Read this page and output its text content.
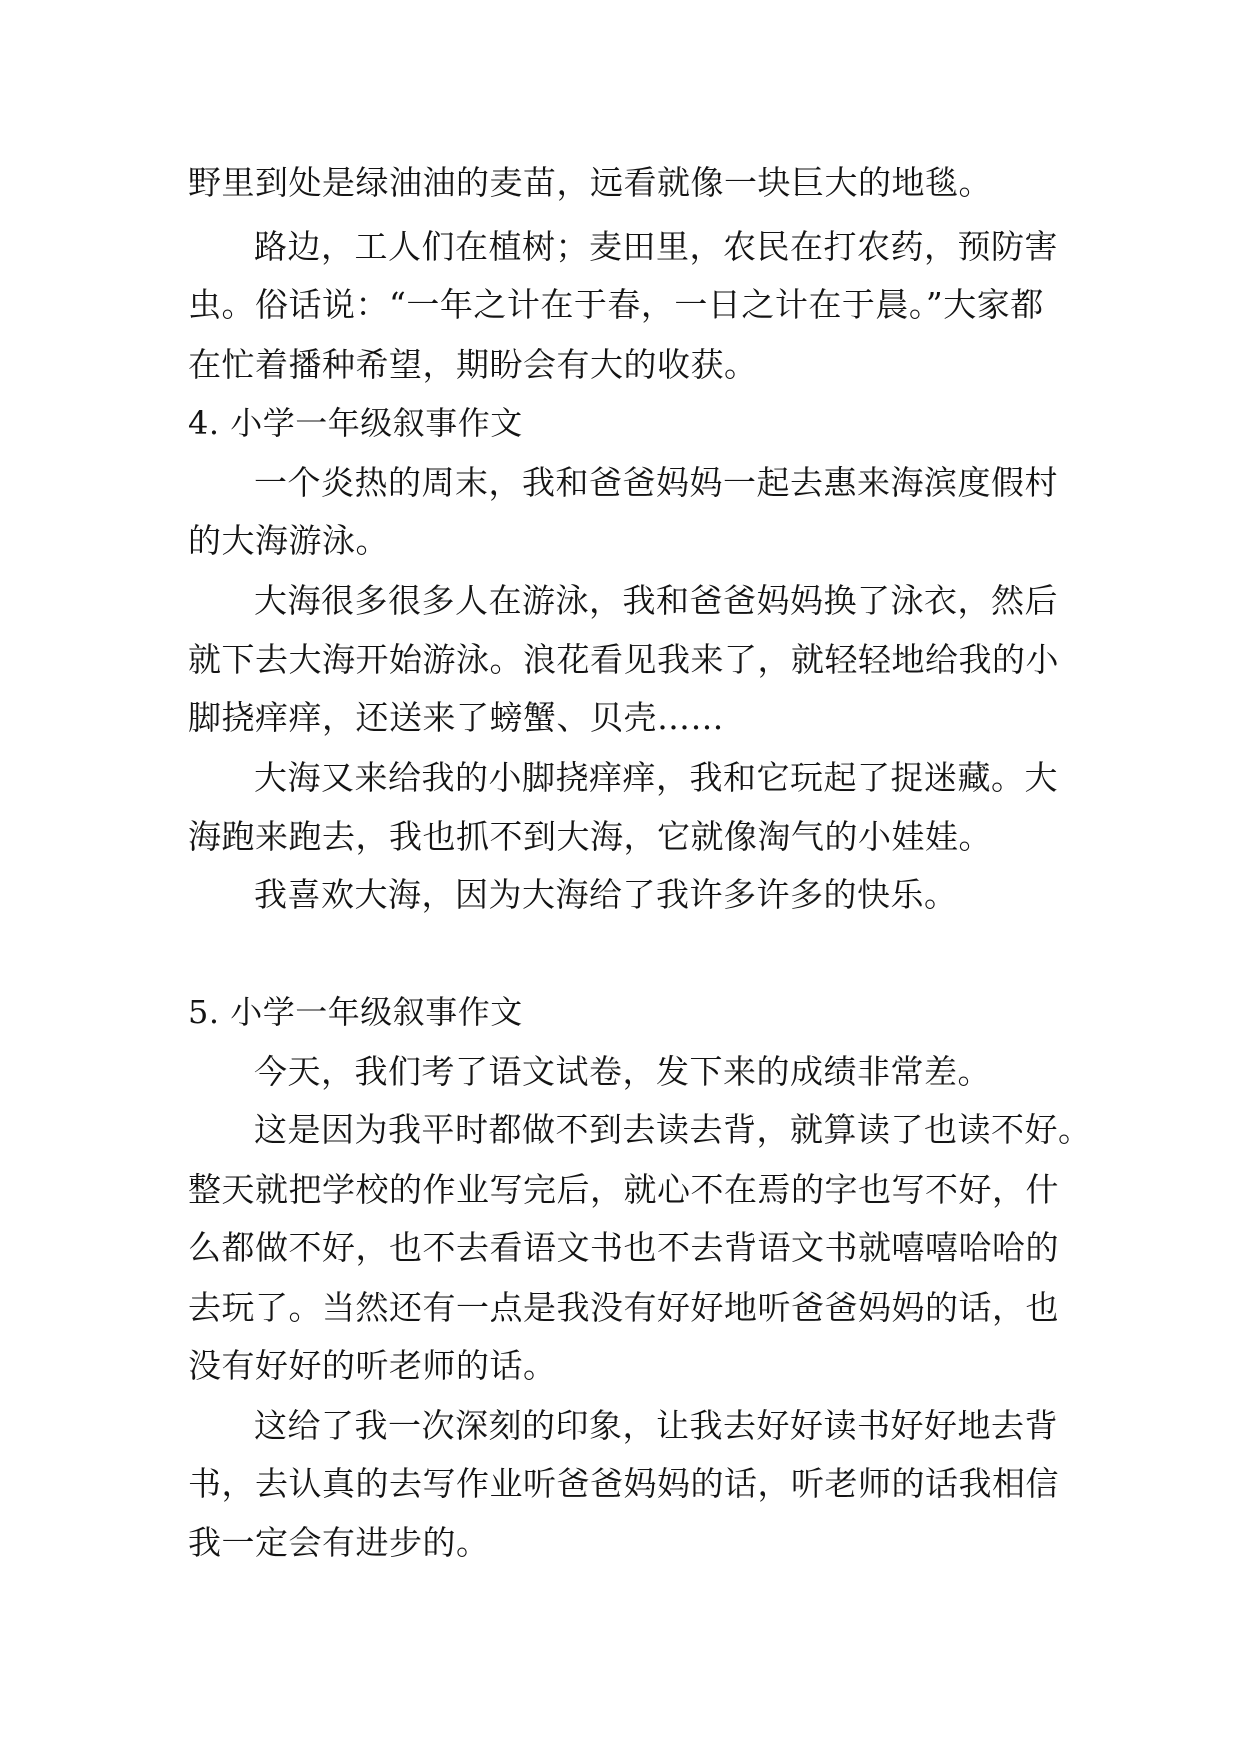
野里到处是绿油油的麦苗，远看就像一块巨大的地毯。
路边，工人们在植树；麦田里，农民在打农药，预防害
虫。俗话说：“一年之计在于春，一日之计在于晨。”大家都
在忙着播种希望，期盼会有大的收获。
4. 小学一年级叙事作文
一个炎热的周末，我和爸爸妈妈一起去惠来海滨度假村
的大海游泳。
大海很多很多人在游泳，我和爸爸妈妈换了泳衣，然后
就下去大海开始游泳。浪花看见我来了，就轻轻地给我的小
脚挠痒痒，还送来了螃蟹、贝壳……
大海又来给我的小脚挠痒痒，我和它玩起了捉迷藏。大
海跑来跑去，我也抓不到大海，它就像淘气的小娃娃。
我喜欢大海，因为大海给了我许多许多的快乐。
5. 小学一年级叙事作文
今天，我们考了语文试卷，发下来的成绩非常差。
这是因为我平时都做不到去读去背，就算读了也读不好。
整天就把学校的作业写完后，就心不在焉的字也写不好，什
么都做不好，也不去看语文书也不去背语文书就嘻嘻哈哈的
去玩了。当然还有一点是我没有好好地听爸爸妈妈的话，也
没有好好的听老师的话。
这给了我一次深刻的印象，让我去好好读书好好地去背
书，去认真的去写作业听爸爸妈妈的话，听老师的话我相信
我一定会有进步的。
